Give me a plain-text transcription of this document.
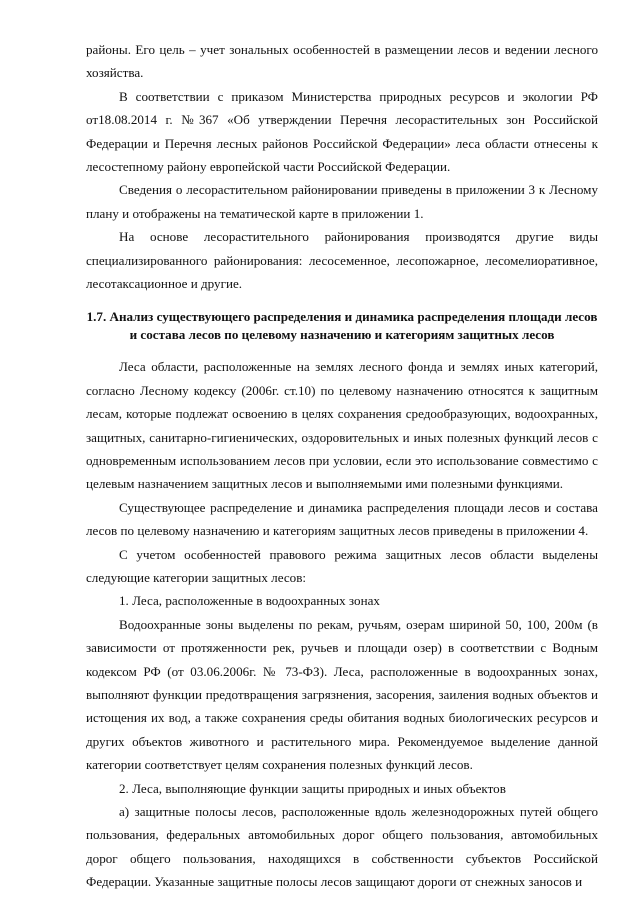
районы. Его цель – учет зональных особенностей в размещении лесов и ведении лесного хозяйства.

В соответствии с приказом Министерства природных ресурсов и экологии РФ от18.08.2014 г. №367 «Об утверждении Перечня лесорастительных зон Российской Федерации и Перечня лесных районов Российской Федерации» леса области отнесены к лесостепному району европейской части Российской Федерации.

Сведения о лесорастительном районировании приведены в приложении 3 к Лесному плану и отображены на тематической карте в приложении 1.

На основе лесорастительного районирования производятся другие виды специализированного районирования: лесосеменное, лесопожарное, лесомелиоративное, лесотаксационное и другие.

1.7. Анализ существующего распределения и динамика распределения площади лесов и состава лесов по целевому назначению и категориям защитных лесов

Леса области, расположенные на землях лесного фонда и землях иных категорий, согласно Лесному кодексу (2006г. ст.10) по целевому назначению относятся к защитным лесам, которые подлежат освоению в целях сохранения средообразующих, водоохранных, защитных, санитарно-гигиенических, оздоровительных и иных полезных функций лесов с одновременным использованием лесов при условии, если это использование совместимо с целевым назначением защитных лесов и выполняемыми ими полезными функциями.

Существующее распределение и динамика распределения площади лесов и состава лесов по целевому назначению и категориям защитных лесов приведены в приложении 4.

С учетом особенностей правового режима защитных лесов области выделены следующие категории защитных лесов:

1. Леса, расположенные в водоохранных зонах

Водоохранные зоны выделены по рекам, ручьям, озерам шириной 50, 100, 200м (в зависимости от протяженности рек, ручьев и площади озер) в соответствии с Водным кодексом РФ (от 03.06.2006г. № 73-ФЗ). Леса, расположенные в водоохранных зонах, выполняют функции предотвращения загрязнения, засорения, заиления водных объектов и истощения их вод, а также сохранения среды обитания водных биологических ресурсов и других объектов животного и растительного мира. Рекомендуемое выделение данной категории соответствует целям сохранения полезных функций лесов.

2. Леса, выполняющие функции защиты природных и иных объектов

а) защитные полосы лесов, расположенные вдоль железнодорожных путей общего пользования, федеральных автомобильных дорог общего пользования, автомобильных дорог общего пользования, находящихся в собственности субъектов Российской Федерации. Указанные защитные полосы лесов защищают дороги от снежных заносов и
